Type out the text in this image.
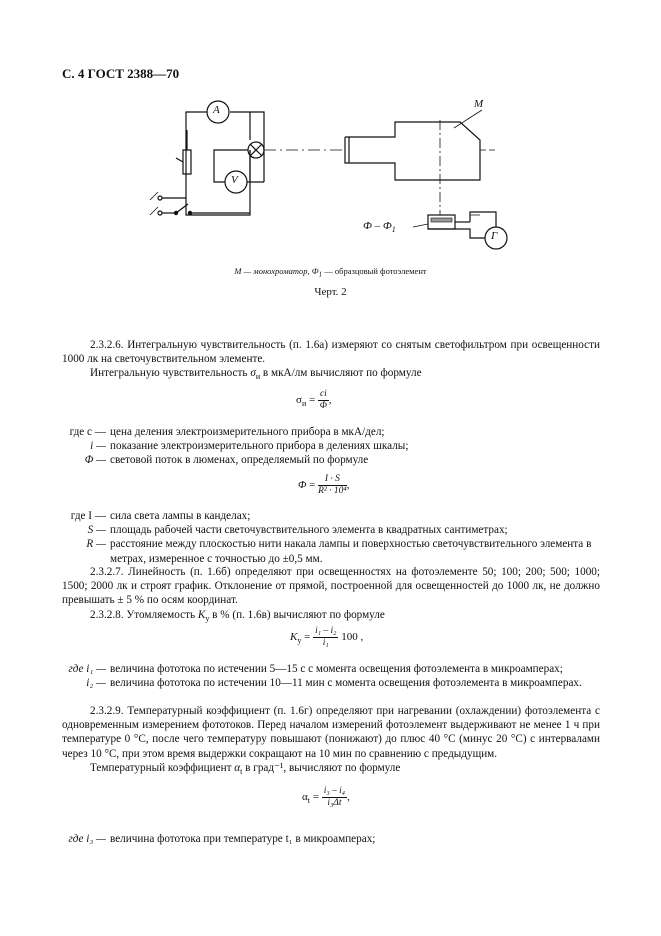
С. 4 ГОСТ 2388—70
A
V
M
Г
Ф – $Ф_1$
M — монохроматор, $Ф_1$ — образцовый фотоэлемент
Черт. 2
2.3.2.6. Интегральную чувствительность (п. 1.6а) измеряют со снятым светофильтром при освещенности 1000 лк на светочувствительном элементе.
Интегральную чувствительность $\sigma_и$ в мкА/лм вычисляют по формуле
$\sigma_и = \frac{ci}{\Phi}$ ,
где c — цена деления электроизмерительного прибора в мкА/дел;
i — показание электроизмерительного прибора в делениях шкалы;
Φ — световой поток в люменах, определяемый по формуле
$\Phi = \frac{I \cdot S}{\text{R² · 10⁴}}$ ,
где I — сила света лампы в канделах;
S — площадь рабочей части светочувствительного элемента в квадратных сантиметрах;
R — расстояние между плоскостью нити накала лампы и поверхностью светочувствительного элемента в метрах, измеренное с точностью до ±0,5 мм.
2.3.2.7. Линейность (п. 1.6б) определяют при освещенностях на фотоэлементе 50; 100; 200; 500; 1000; 1500; 2000 лк и строят график. Отклонение от прямой, построенной для освещенностей до 1000 лк, не должно превышать ± 5 % по осям координат.
2.3.2.8. Утомляемость $K_у$ в % (п. 1.6в) вычисляют по формуле
$K_у = \frac{\text{i₁ – i₂}}{\text{i₁}} 100$ ,
где i₁ — величина фототока по истечении 5—15 с с момента освещения фотоэлемента в микроамперах;
i₂ — величина фототока по истечении 10—11 мин с момента освещения фотоэлемента в микроамперах.
2.3.2.9. Температурный коэффициент (п. 1.6г) определяют при нагревании (охлаждении) фотоэлемента с одновременным измерением фототоков. Перед началом измерений фотоэлемент выдерживают не менее 1 ч при температуре 0 °С, после чего температуру повышают (понижают) до плюс 40 °С (минус 20 °С) с интервалами через 10 °С, при этом время выдержки сокращают на 10 мин по сравнению с предыдущим.
Температурный коэффициент $\alpha_t$ в град⁻¹, вычисляют по формуле
$\alpha_t = \frac{\text{i₃ – i₄}}{\text{i₃Δt}}$ ,
где i₃ — величина фототока при температуре t₁ в микроамперах;
